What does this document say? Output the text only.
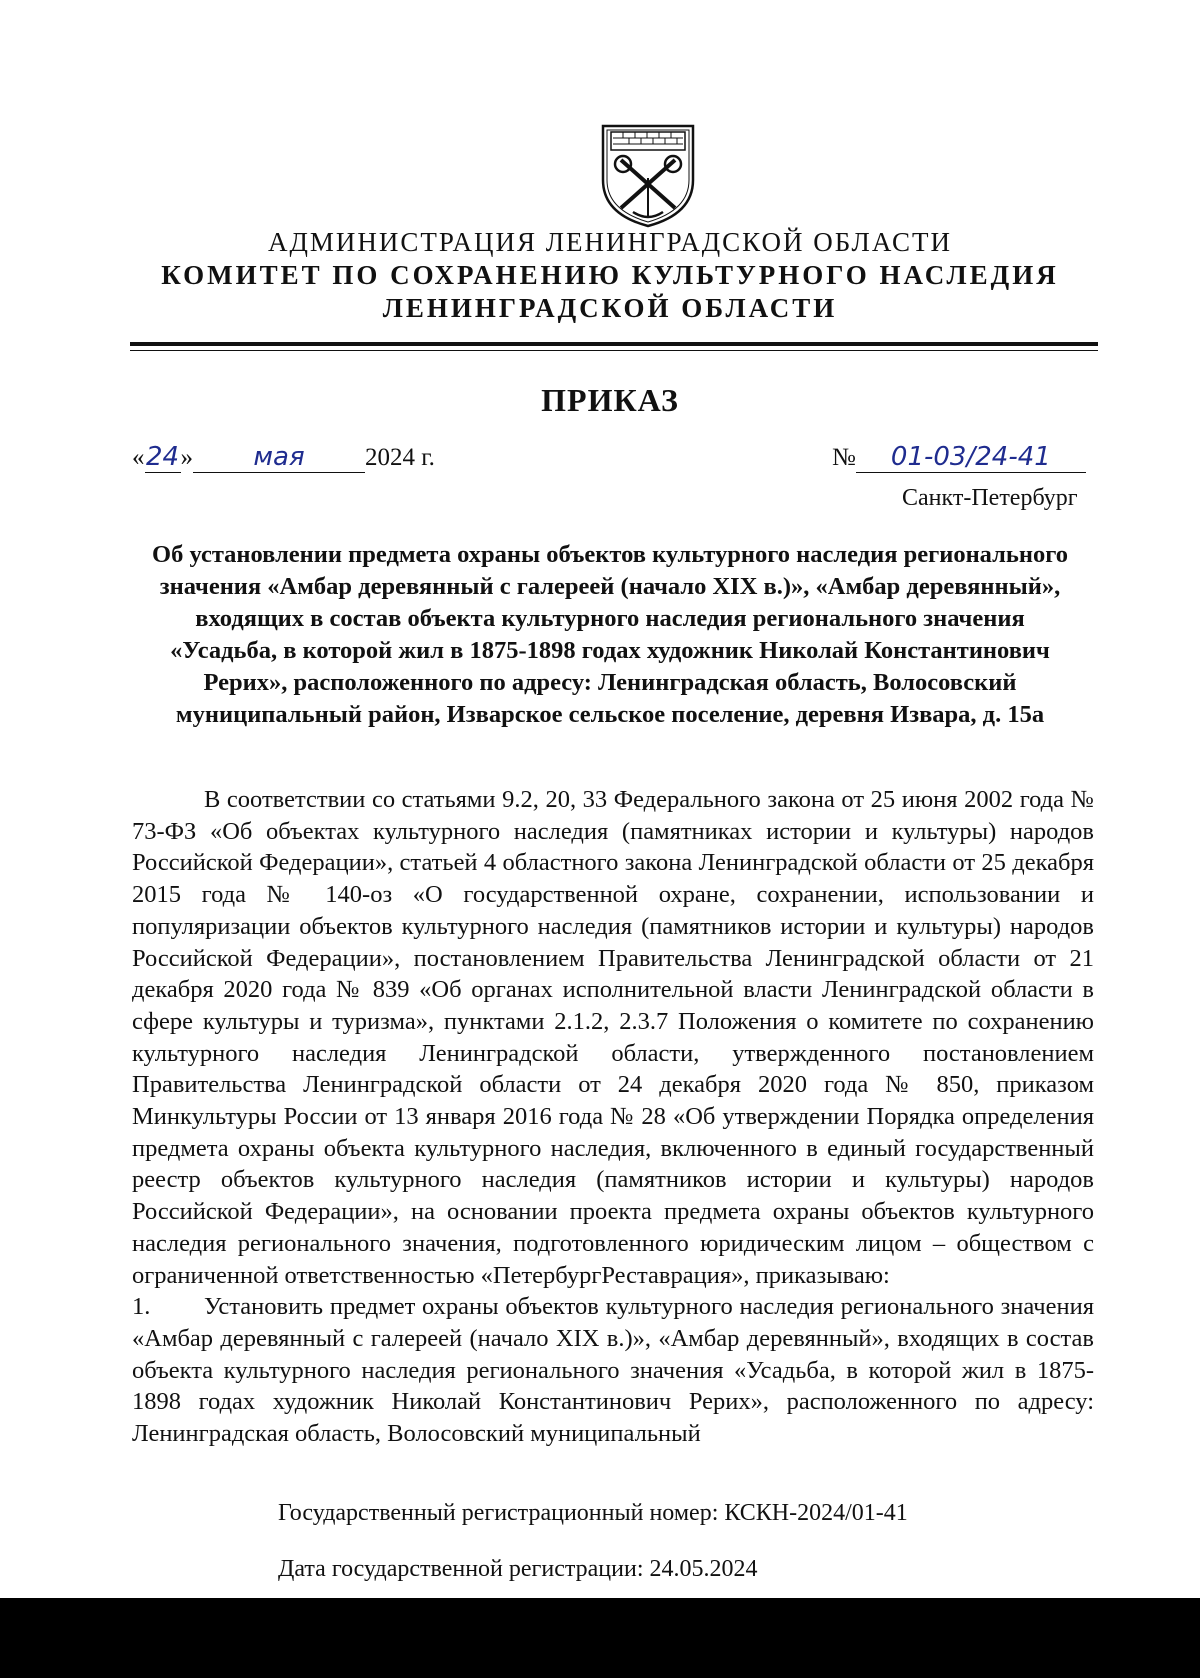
АДМИНИСТРАЦИЯ ЛЕНИНГРАДСКОЙ ОБЛАСТИ
КОМИТЕТ ПО СОХРАНЕНИЮ КУЛЬТУРНОГО НАСЛЕДИЯ
ЛЕНИНГРАДСКОЙ ОБЛАСТИ
ПРИКАЗ
«24» мая 2024 г.	№ 01-03/24-41
Санкт-Петербург
Об установлении предмета охраны объектов культурного наследия регионального значения «Амбар деревянный с галереей (начало XIX в.)», «Амбар деревянный», входящих в состав объекта культурного наследия регионального значения «Усадьба, в которой жил в 1875-1898 годах художник Николай Константинович Рерих», расположенного по адресу: Ленинградская область, Волосовский муниципальный район, Изварское сельское поселение, деревня Извара, д. 15а

В соответствии со статьями 9.2, 20, 33 Федерального закона от 25 июня 2002 года № 73-ФЗ «Об объектах культурного наследия (памятниках истории и культуры) народов Российской Федерации», статьей 4 областного закона Ленинградской области от 25 декабря 2015 года № 140-оз «О государственной охране, сохранении, использовании и популяризации объектов культурного наследия (памятников истории и культуры) народов Российской Федерации», постановлением Правительства Ленинградской области от 21 декабря 2020 года № 839 «Об органах исполнительной власти Ленинградской области в сфере культуры и туризма», пунктами 2.1.2, 2.3.7 Положения о комитете по сохранению культурного наследия Ленинградской области, утвержденного постановлением Правительства Ленинградской области от 24 декабря 2020 года № 850, приказом Минкультуры России от 13 января 2016 года № 28 «Об утверждении Порядка определения предмета охраны объекта культурного наследия, включенного в единый государственный реестр объектов культурного наследия (памятников истории и культуры) народов Российской Федерации», на основании проекта предмета охраны объектов культурного наследия регионального значения, подготовленного юридическим лицом – обществом с ограниченной ответственностью «ПетербургРеставрация», приказываю:

1. Установить предмет охраны объектов культурного наследия регионального значения «Амбар деревянный с галереей (начало XIX в.)», «Амбар деревянный», входящих в состав объекта культурного наследия регионального значения «Усадьба, в которой жил в 1875-1898 годах художник Николай Константинович Рерих», расположенного по адресу: Ленинградская область, Волосовский муниципальный

Государственный регистрационный номер: КСКН-2024/01-41
Дата государственной регистрации: 24.05.2024
